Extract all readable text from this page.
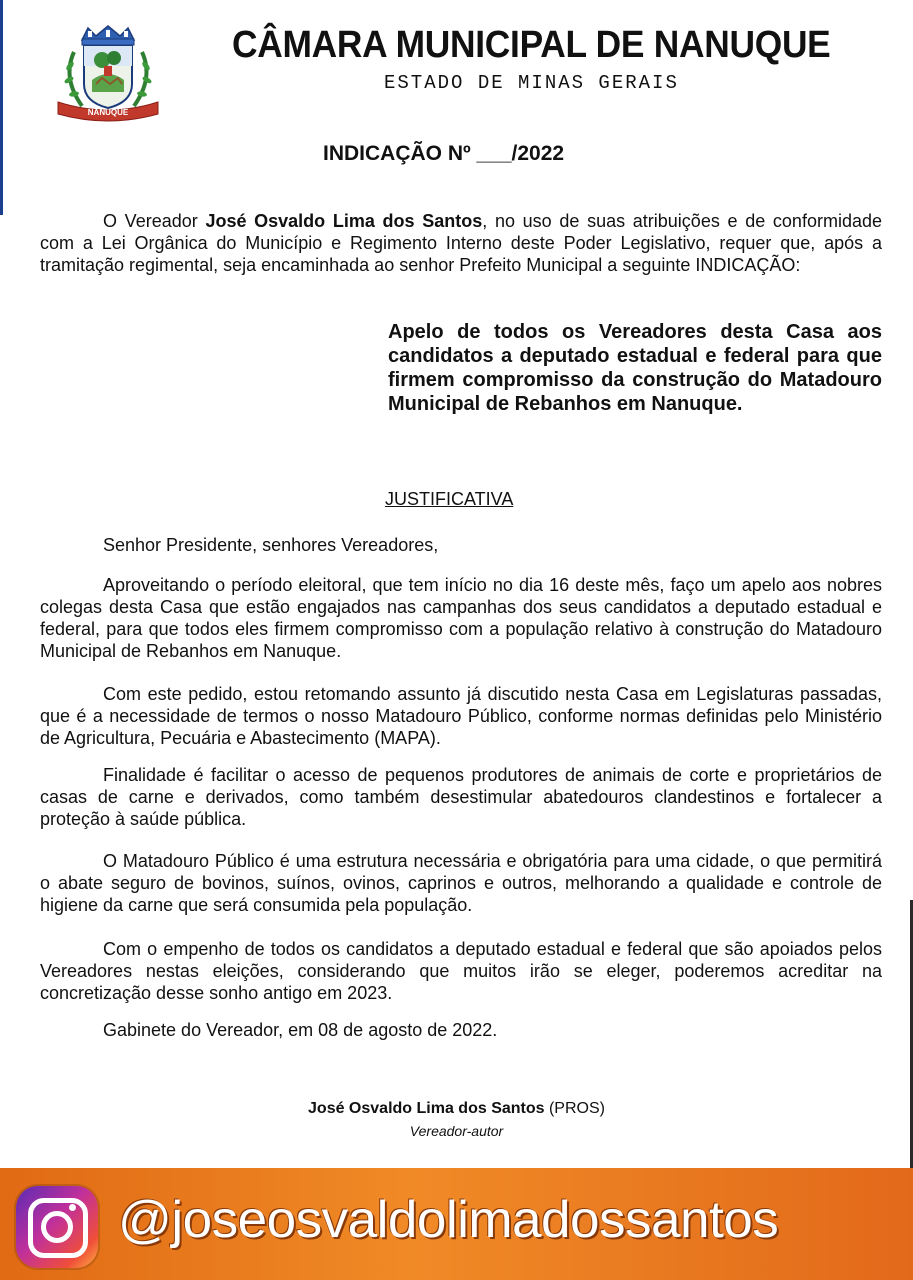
NANUQUE
CÂMARA MUNICIPAL DE NANUQUE
ESTADO DE MINAS GERAIS
INDICAÇÃO Nº ___/2022

O Vereador José Osvaldo Lima dos Santos, no uso de suas atribuições e de conformidade com a Lei Orgânica do Município e Regimento Interno deste Poder Legislativo, requer que, após a tramitação regimental, seja encaminhada ao senhor Prefeito Municipal a seguinte INDICAÇÃO:

Apelo de todos os Vereadores desta Casa aos candidatos a deputado estadual e federal para que firmem compromisso da construção do Matadouro Municipal de Rebanhos em Nanuque.

JUSTIFICATIVA

Senhor Presidente, senhores Vereadores,

Aproveitando o período eleitoral, que tem início no dia 16 deste mês, faço um apelo aos nobres colegas desta Casa que estão engajados nas campanhas dos seus candidatos a deputado estadual e federal, para que todos eles firmem compromisso com a população relativo à construção do Matadouro Municipal de Rebanhos em Nanuque.

Com este pedido, estou retomando assunto já discutido nesta Casa em Legislaturas passadas, que é a necessidade de termos o nosso Matadouro Público, conforme normas definidas pelo Ministério de Agricultura, Pecuária e Abastecimento (MAPA).

Finalidade é facilitar o acesso de pequenos produtores de animais de corte e proprietários de casas de carne e derivados, como também desestimular abatedouros clandestinos e fortalecer a proteção à saúde pública.

O Matadouro Público é uma estrutura necessária e obrigatória para uma cidade, o que permitirá o abate seguro de bovinos, suínos, ovinos, caprinos e outros, melhorando a qualidade e controle de higiene da carne que será consumida pela população.

Com o empenho de todos os candidatos a deputado estadual e federal que são apoiados pelos Vereadores nestas eleições, considerando que muitos irão se eleger, poderemos acreditar na concretização desse sonho antigo em 2023.

Gabinete do Vereador, em 08 de agosto de 2022.

José Osvaldo Lima dos Santos (PROS)
Vereador-autor
@joseosvaldolimadossantos
